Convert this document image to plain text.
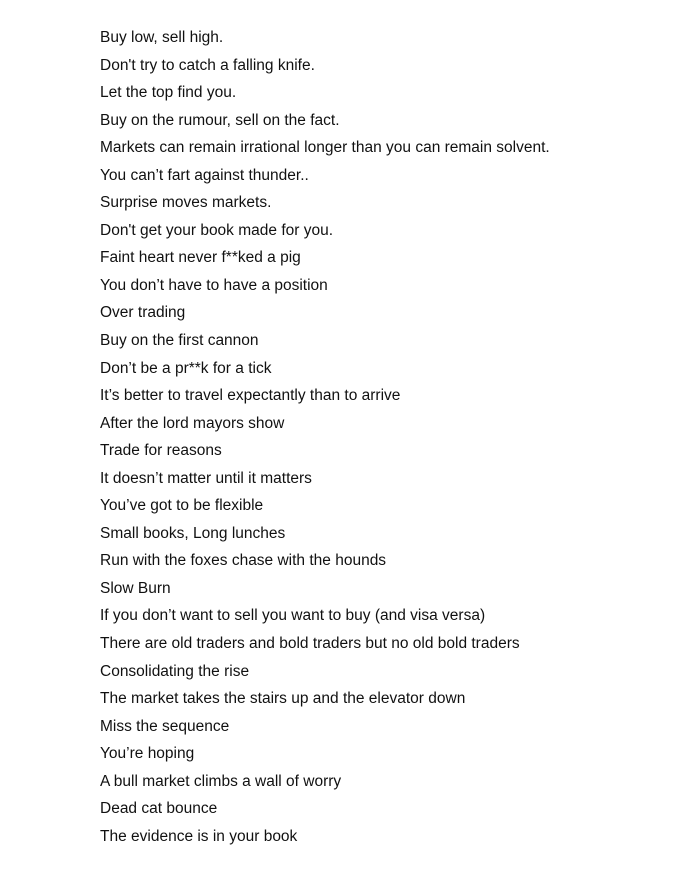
Buy low, sell high.
Don't try to catch a falling knife.
Let the top find you.
Buy on the rumour, sell on the fact.
Markets can remain irrational longer than you can remain solvent.
You can’t fart against thunder..
Surprise moves markets.
Don't get your book made for you.
Faint heart never f**ked a pig
You don’t have to have a position
Over trading
Buy on the first cannon
Don’t be a pr**k for a tick
It’s better to travel expectantly than to arrive
After the lord mayors show
Trade for reasons
It doesn’t matter until it matters
You’ve got to be flexible
Small books, Long lunches
Run with the foxes chase with the hounds
Slow Burn
If you don’t want to sell you want to buy (and visa versa)
There are old traders and bold traders but no old bold traders
Consolidating the rise
The market takes the stairs up and the elevator down
Miss the sequence
You’re hoping
A bull market climbs a wall of worry
Dead cat bounce
The evidence is in your book
